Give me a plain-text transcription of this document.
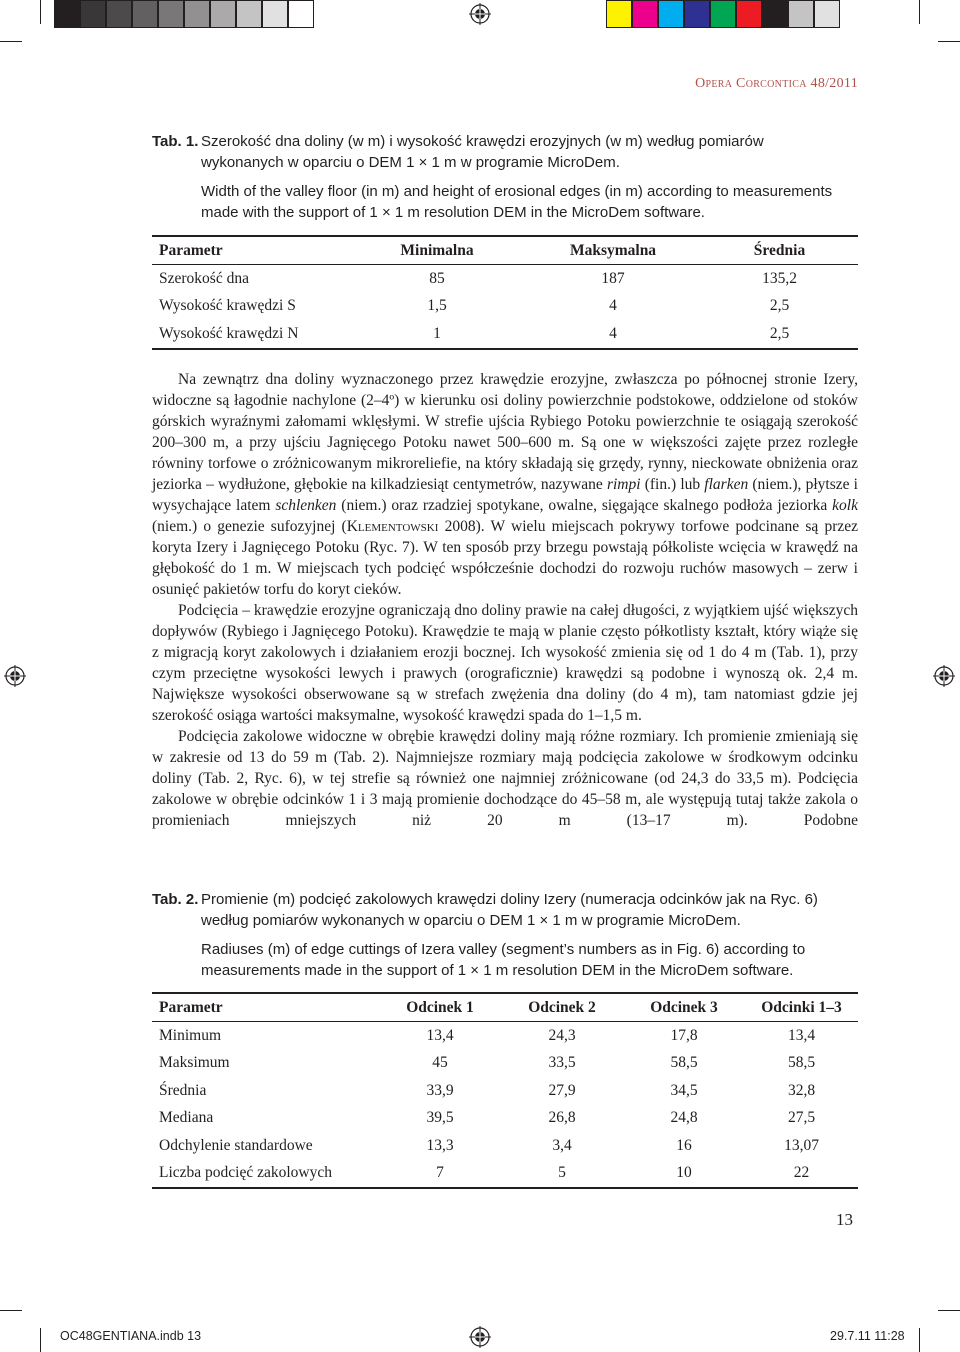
Opera Corcontica 48/2011
Tab. 1. Szerokość dna doliny (w m) i wysokość krawędzi erozyjnych (w m) według pomiarów wykonanych w oparciu o DEM 1 × 1 m w programie MicroDem.
Width of the valley floor (in m) and height of erosional edges (in m) according to measurements made with the support of 1 × 1 m resolution DEM in the MicroDem software.
Parametr	Minimalna	Maksymalna	Średnia
Szerokość dna	85	187	135,2
Wysokość krawędzi S	1,5	4	2,5
Wysokość krawędzi N	1	4	2,5

Na zewnątrz dna doliny wyznaczonego przez krawędzie erozyjne, zwłaszcza po północnej stronie Izery, widoczne są łagodnie nachylone (2–4º) w kierunku osi doliny powierzchnie podstokowe, oddzielone od stoków górskich wyraźnymi załomami wklęsłymi. W strefie ujścia Rybiego Potoku powierzchnie te osiągają szerokość 200–300 m, a przy ujściu Jagnięcego Potoku nawet 500–600 m. Są one w większości zajęte przez rozległe równiny torfowe o zróżnicowanym mikroreliefie, na który składają się grzędy, rynny, nieckowate obniżenia oraz jeziorka – wydłużone, głębokie na kilkadziesiąt centymetrów, nazywane rimpi (fin.) lub flarken (niem.), płytsze i wysychające latem schlenken (niem.) oraz rzadziej spotykane, owalne, sięgające skalnego podłoża jeziorka kolk (niem.) o genezie sufozyjnej (Klementowski 2008). W wielu miejscach pokrywy torfowe podcinane są przez koryta Izery i Jagnięcego Potoku (Ryc. 7). W ten sposób przy brzegu powstają półkoliste wcięcia w krawędź na głębokość do 1 m. W miejscach tych podcięć współcześnie dochodzi do rozwoju ruchów masowych – zerw i osunięć pakietów torfu do koryt cieków.

Podcięcia – krawędzie erozyjne ograniczają dno doliny prawie na całej długości, z wyjątkiem ujść większych dopływów (Rybiego i Jagnięcego Potoku). Krawędzie te mają w planie często półkotlisty kształt, który wiąże się z migracją koryt zakolowych i działaniem erozji bocznej. Ich wysokość zmienia się od 1 do 4 m (Tab. 1), przy czym przeciętne wysokości lewych i prawych (orograficznie) krawędzi są podobne i wynoszą ok. 2,4 m. Największe wysokości obserwowane są w strefach zwężenia dna doliny (do 4 m), tam natomiast gdzie jej szerokość osiąga wartości maksymalne, wysokość krawędzi spada do 1–1,5 m.

Podcięcia zakolowe widoczne w obrębie krawędzi doliny mają różne rozmiary. Ich promienie zmieniają się w zakresie od 13 do 59 m (Tab. 2). Najmniejsze rozmiary mają podcięcia zakolowe w środkowym odcinku doliny (Tab. 2, Ryc. 6), w tej strefie są również one najmniej zróżnicowane (od 24,3 do 33,5 m). Podcięcia zakolowe w obrębie odcinków 1 i 3 mają promienie dochodzące do 45–58 m, ale występują tutaj także zakola o promieniach mniejszych niż 20 m (13–17 m). Podobne

Tab. 2. Promienie (m) podcięć zakolowych krawędzi doliny Izery (numeracja odcinków jak na Ryc. 6) według pomiarów wykonanych w oparciu o DEM 1 × 1 m w programie MicroDem.
Radiuses (m) of edge cuttings of Izera valley (segment’s numbers as in Fig. 6) according to measurements made in the support of 1 × 1 m resolution DEM in the MicroDem software.
Parametr	Odcinek 1	Odcinek 2	Odcinek 3	Odcinki 1–3
Minimum	13,4	24,3	17,8	13,4
Maksimum	45	33,5	58,5	58,5
Średnia	33,9	27,9	34,5	32,8
Mediana	39,5	26,8	24,8	27,5
Odchylenie standardowe	13,3	3,4	16	13,07
Liczba podcięć zakolowych	7	5	10	22
13
OC48GENTIANA.indb 13	29.7.11 11:28
